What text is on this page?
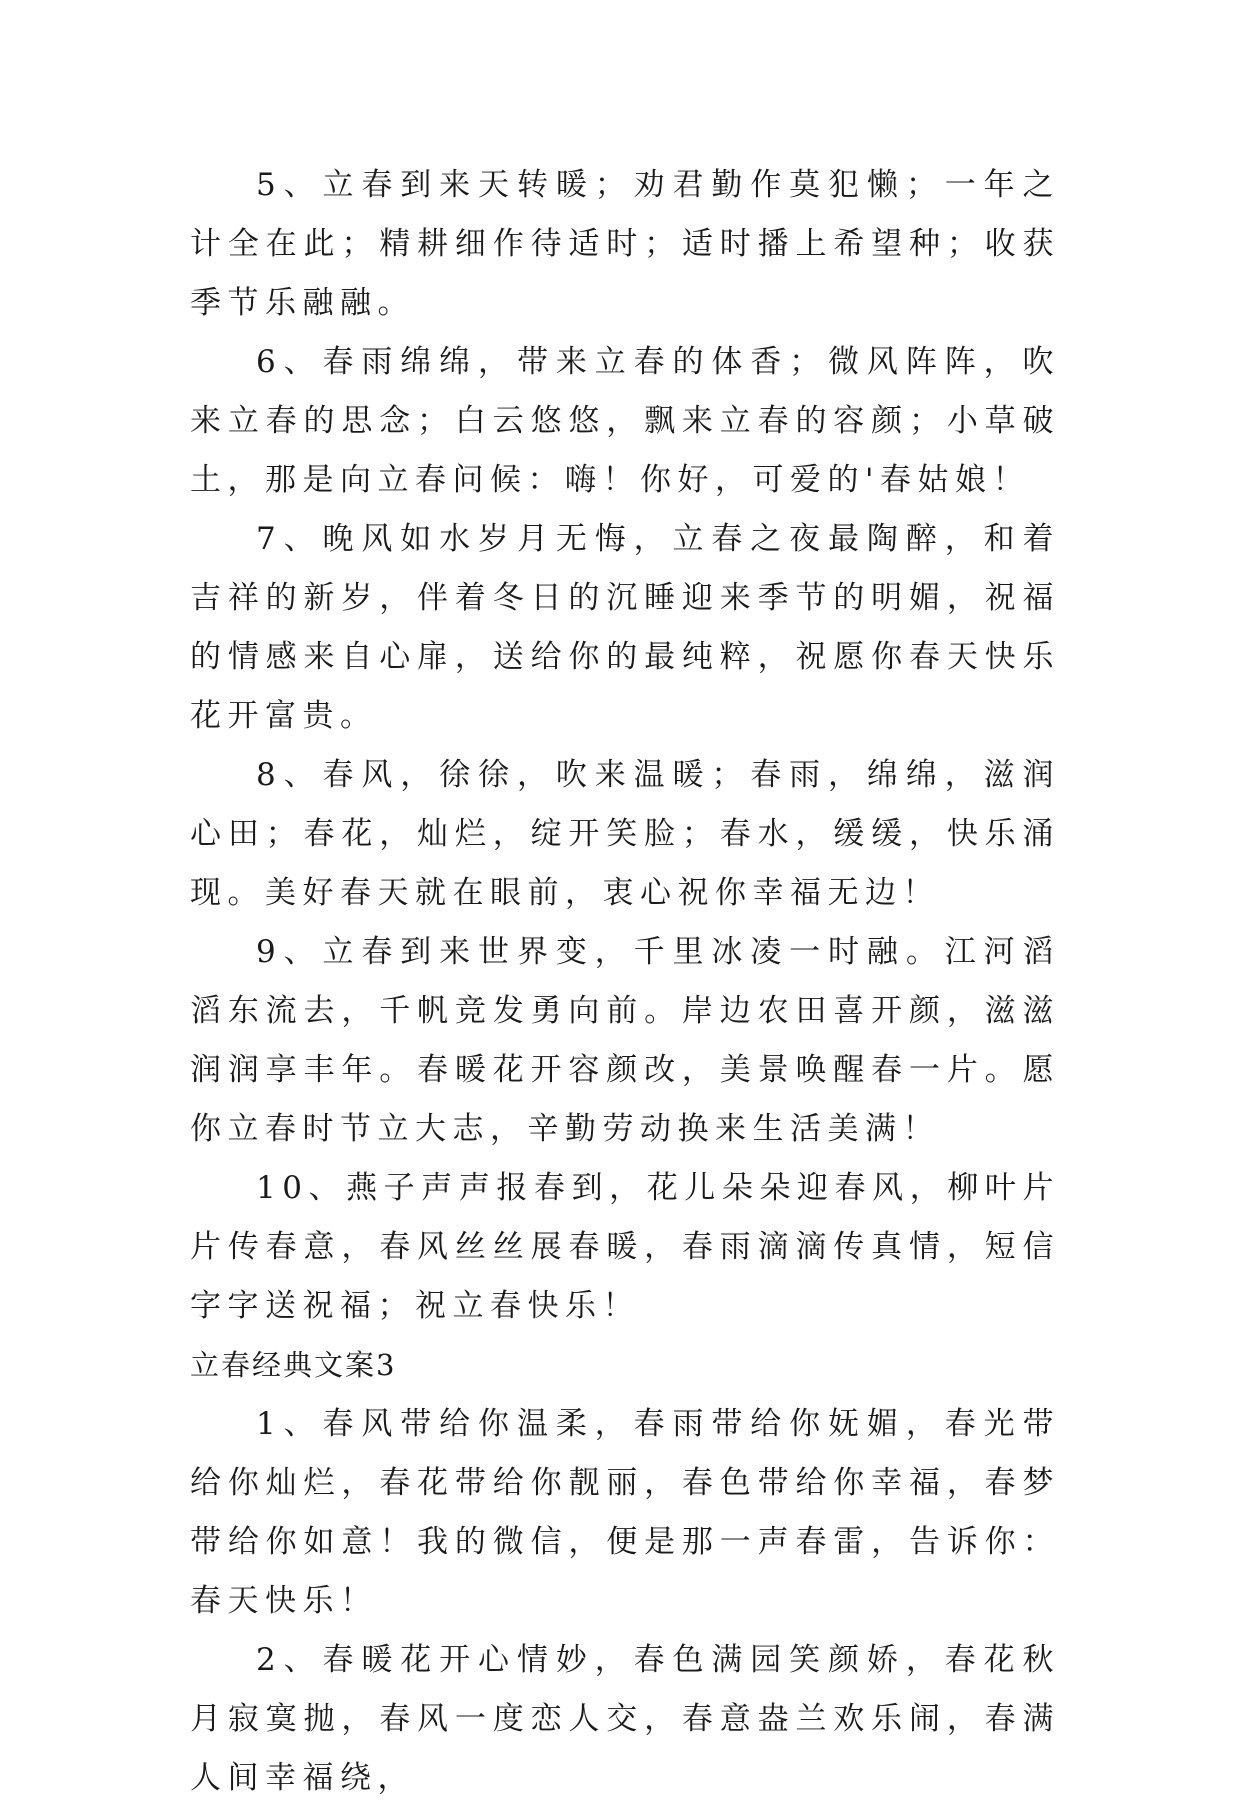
5、立春到来天转暖；劝君勤作莫犯懒；一年之计全在此；精耕细作待适时；适时播上希望种；收获季节乐融融。

6、春雨绵绵，带来立春的体香；微风阵阵，吹来立春的思念；白云悠悠，飘来立春的容颜；小草破土，那是向立春问候：嗨！你好，可爱的'春姑娘！

7、晚风如水岁月无悔，立春之夜最陶醉，和着吉祥的新岁，伴着冬日的沉睡迎来季节的明媚，祝福的情感来自心扉，送给你的最纯粹，祝愿你春天快乐花开富贵。

8、春风，徐徐，吹来温暖；春雨，绵绵，滋润心田；春花，灿烂，绽开笑脸；春水，缓缓，快乐涌现。美好春天就在眼前，衷心祝你幸福无边！

9、立春到来世界变，千里冰凌一时融。江河滔滔东流去，千帆竞发勇向前。岸边农田喜开颜，滋滋润润享丰年。春暖花开容颜改，美景唤醒春一片。愿你立春时节立大志，辛勤劳动换来生活美满！

10、燕子声声报春到，花儿朵朵迎春风，柳叶片片传春意，春风丝丝展春暖，春雨滴滴传真情，短信字字送祝福；祝立春快乐！

立春经典文案3

1、春风带给你温柔，春雨带给你妩媚，春光带给你灿烂，春花带给你靓丽，春色带给你幸福，春梦带给你如意！我的微信，便是那一声春雷，告诉你：春天快乐！

2、春暖花开心情妙，春色满园笑颜娇，春花秋月寂寞抛，春风一度恋人交，春意盎兰欢乐闹，春满人间幸福绕，
